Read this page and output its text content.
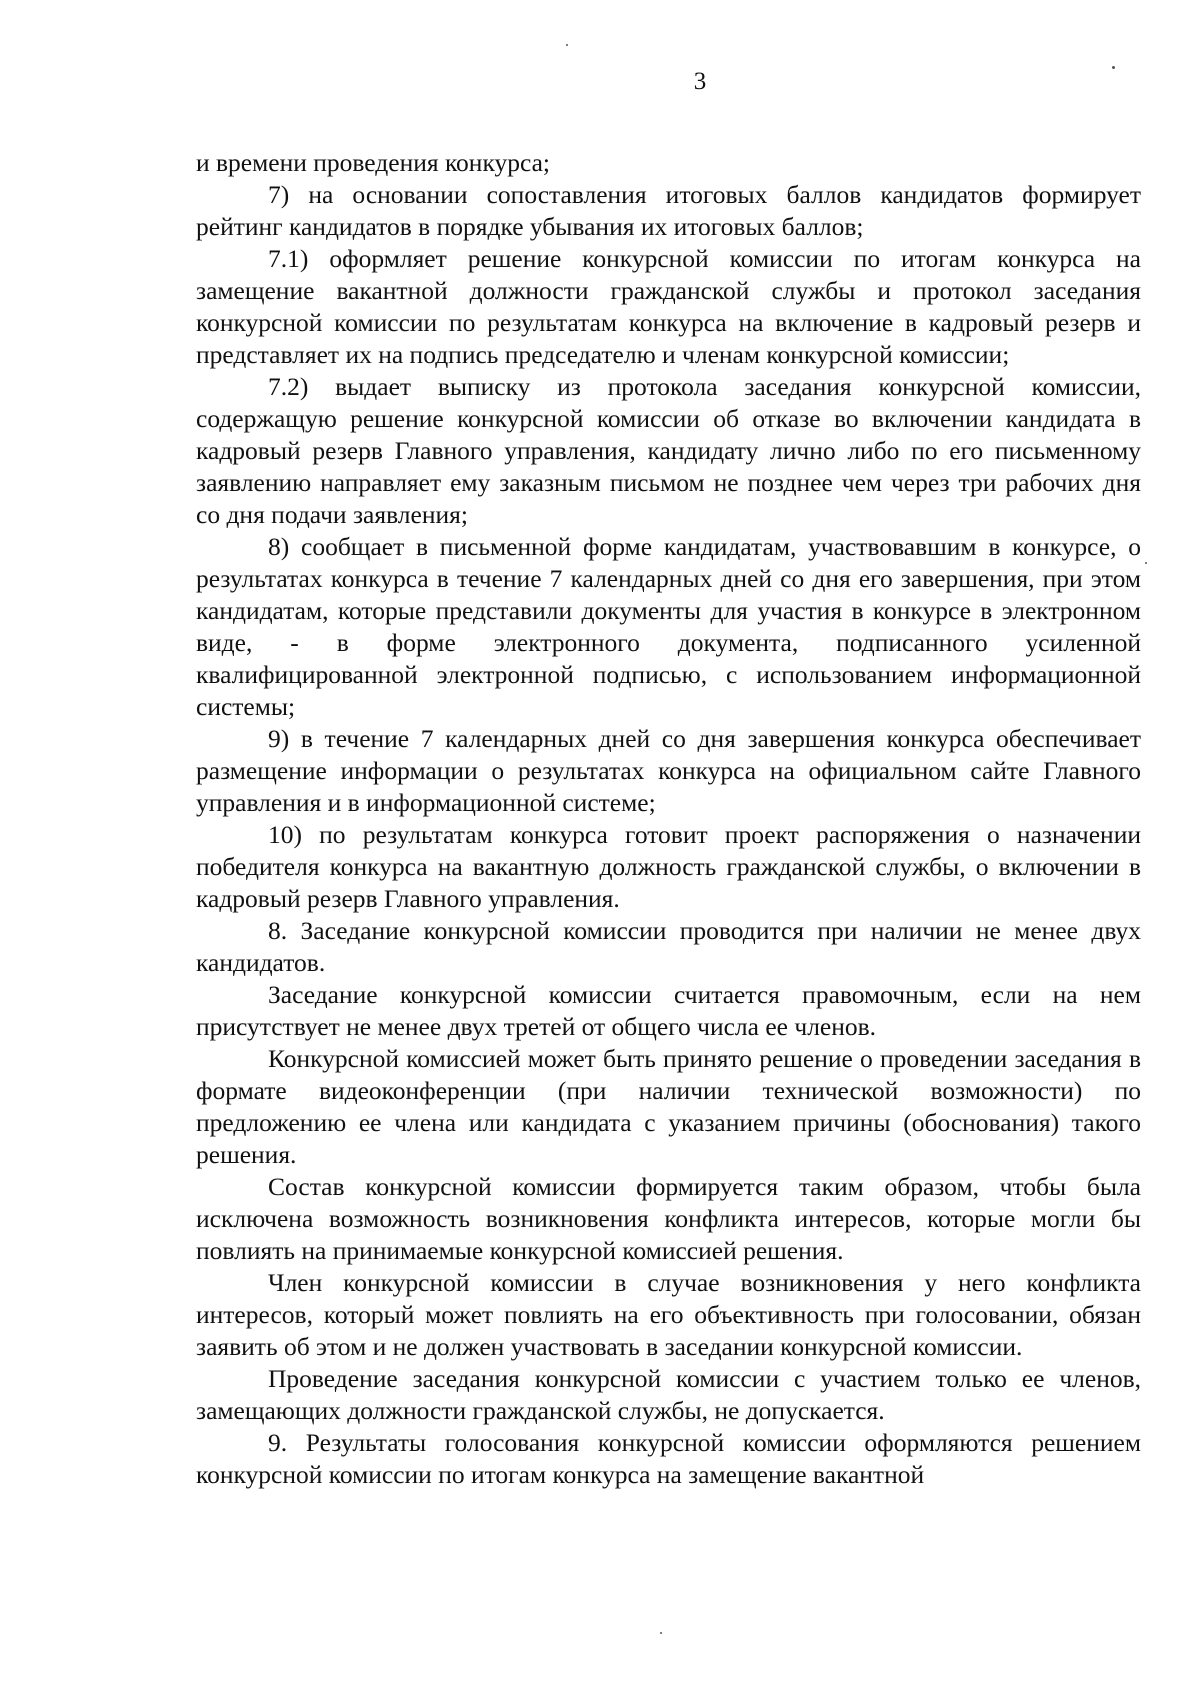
3

и времени проведения конкурса;

7) на основании сопоставления итоговых баллов кандидатов формирует рейтинг кандидатов в порядке убывания их итоговых баллов;

7.1) оформляет решение конкурсной комиссии по итогам конкурса на замещение вакантной должности гражданской службы и протокол заседания конкурсной комиссии по результатам конкурса на включение в кадровый резерв и представляет их на подпись председателю и членам конкурсной комиссии;

7.2) выдает выписку из протокола заседания конкурсной комиссии, содержащую решение конкурсной комиссии об отказе во включении кандидата в кадровый резерв Главного управления, кандидату лично либо по его письменному заявлению направляет ему заказным письмом не позднее чем через три рабочих дня со дня подачи заявления;

8) сообщает в письменной форме кандидатам, участвовавшим в конкурсе, о результатах конкурса в течение 7 календарных дней со дня его завершения, при этом кандидатам, которые представили документы для участия в конкурсе в электронном виде, - в форме электронного документа, подписанного усиленной квалифицированной электронной подписью, с использованием информационной системы;

9) в течение 7 календарных дней со дня завершения конкурса обеспечивает размещение информации о результатах конкурса на официальном сайте Главного управления и в информационной системе;

10) по результатам конкурса готовит проект распоряжения о назначении победителя конкурса на вакантную должность гражданской службы, о включении в кадровый резерв Главного управления.

8. Заседание конкурсной комиссии проводится при наличии не менее двух кандидатов.

Заседание конкурсной комиссии считается правомочным, если на нем присутствует не менее двух третей от общего числа ее членов.

Конкурсной комиссией может быть принято решение о проведении заседания в формате видеоконференции (при наличии технической возможности) по предложению ее члена или кандидата с указанием причины (обоснования) такого решения.

Состав конкурсной комиссии формируется таким образом, чтобы была исключена возможность возникновения конфликта интересов, которые могли бы повлиять на принимаемые конкурсной комиссией решения.

Член конкурсной комиссии в случае возникновения у него конфликта интересов, который может повлиять на его объективность при голосовании, обязан заявить об этом и не должен участвовать в заседании конкурсной комиссии.

Проведение заседания конкурсной комиссии с участием только ее членов, замещающих должности гражданской службы, не допускается.

9. Результаты голосования конкурсной комиссии оформляются решением конкурсной комиссии по итогам конкурса на замещение вакантной
